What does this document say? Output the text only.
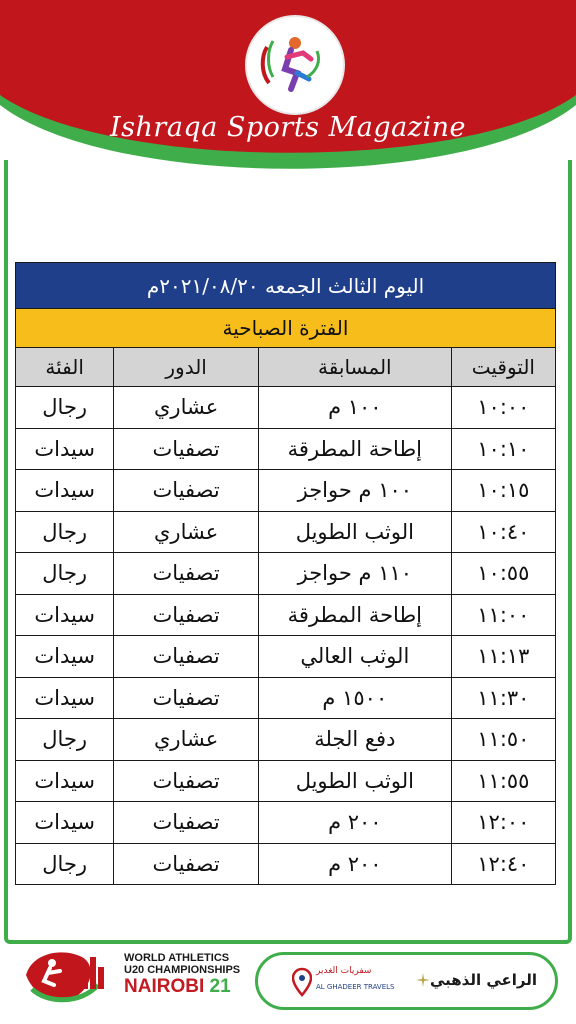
Ishraqa Sports Magazine
اليوم الثالث الجمعه ٢٠٢١/٠٨/٢٠م			
الفترة الصباحية			
التوقيت	المسابقة	الدور	الفئة
١٠:٠٠	١٠٠ م	عشاري	رجال
١٠:١٠	إطاحة المطرقة	تصفيات	سيدات
١٠:١٥	١٠٠ م حواجز	تصفيات	سيدات
١٠:٤٠	الوثب الطويل	عشاري	رجال
١٠:٥٥	١١٠ م حواجز	تصفيات	رجال
١١:٠٠	إطاحة المطرقة	تصفيات	سيدات
١١:١٣	الوثب العالي	تصفيات	سيدات
١١:٣٠	١٥٠٠ م	تصفيات	سيدات
١١:٥٠	دفع الجلة	عشاري	رجال
١١:٥٥	الوثب الطويل	تصفيات	سيدات
١٢:٠٠	٢٠٠ م	تصفيات	سيدات
١٢:٤٠	٢٠٠ م	تصفيات	رجال
WORLD ATHLETICS
U20 CHAMPIONSHIPS
NAIROBI 21
سفريات الغدير
AL GHADEER TRAVELS الراعي الذهبي
